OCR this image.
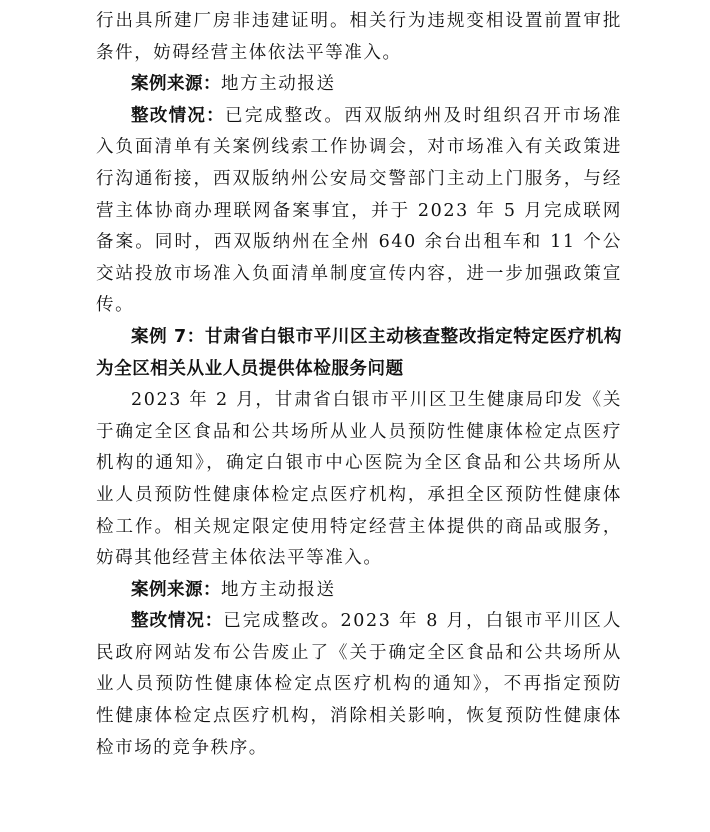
行出具所建厂房非违建证明。相关行为违规变相设置前置审批条件，妨碍经营主体依法平等准入。

案例来源：地方主动报送

整改情况：已完成整改。西双版纳州及时组织召开市场准入负面清单有关案例线索工作协调会，对市场准入有关政策进行沟通衔接，西双版纳州公安局交警部门主动上门服务，与经营主体协商办理联网备案事宜，并于 2023 年 5 月完成联网备案。同时，西双版纳州在全州 640 余台出租车和 11 个公交站投放市场准入负面清单制度宣传内容，进一步加强政策宣传。

案例 7：甘肃省白银市平川区主动核查整改指定特定医疗机构为全区相关从业人员提供体检服务问题

2023 年 2 月，甘肃省白银市平川区卫生健康局印发《关于确定全区食品和公共场所从业人员预防性健康体检定点医疗机构的通知》，确定白银市中心医院为全区食品和公共场所从业人员预防性健康体检定点医疗机构，承担全区预防性健康体检工作。相关规定限定使用特定经营主体提供的商品或服务，妨碍其他经营主体依法平等准入。

案例来源：地方主动报送

整改情况：已完成整改。2023 年 8 月，白银市平川区人民政府网站发布公告废止了《关于确定全区食品和公共场所从业人员预防性健康体检定点医疗机构的通知》，不再指定预防性健康体检定点医疗机构，消除相关影响，恢复预防性健康体检市场的竞争秩序。
